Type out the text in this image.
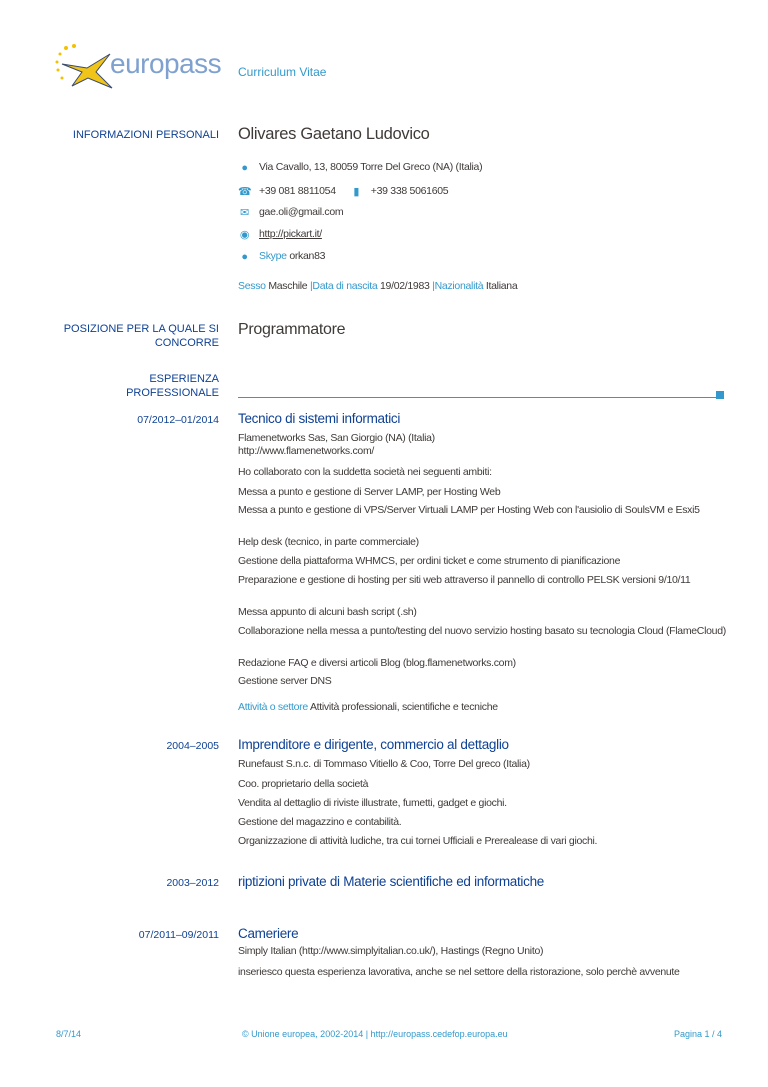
europass Curriculum Vitae
INFORMAZIONI PERSONALI Olivares Gaetano Ludovico
● Via Cavallo, 13, 80059 Torre Del Greco (NA) (Italia)
☎ +39 081 8811054 ▮ +39 338 5061605
✉ gae.oli@gmail.com
◉ http://pickart.it/
● Skype orkan83
Sesso Maschile |Data di nascita 19/02/1983 |Nazionalità Italiana
POSIZIONE PER LA QUALE SI CONCORRE
Programmatore
ESPERIENZA PROFESSIONALE
07/2012–01/2014 Tecnico di sistemi informatici
Flamenetworks Sas, San Giorgio (NA) (Italia)
http://www.flamenetworks.com/
Ho collaborato con la suddetta società nei seguenti ambiti:
Messa a punto e gestione di Server LAMP, per Hosting Web
Messa a punto e gestione di VPS/Server Virtuali LAMP per Hosting Web con l'ausiolio di SoulsVM e Esxi5
Help desk (tecnico, in parte commerciale)
Gestione della piattaforma WHMCS, per ordini ticket e come strumento di pianificazione
Preparazione e gestione di hosting per siti web attraverso il pannello di controllo PELSK versioni 9/10/11
Messa appunto di alcuni bash script (.sh)
Collaborazione nella messa a punto/testing del nuovo servizio hosting basato su tecnologia Cloud (FlameCloud)
Redazione FAQ e diversi articoli Blog (blog.flamenetworks.com)
Gestione server DNS
Attività o settore Attività professionali, scientifiche e tecniche
2004–2005 Imprenditore e dirigente, commercio al dettaglio
Runefaust S.n.c. di Tommaso Vitiello & Coo, Torre Del greco (Italia)
Coo. proprietario della società
Vendita al dettaglio di riviste illustrate, fumetti, gadget e giochi.
Gestione del magazzino e contabilità.
Organizzazione di attività ludiche, tra cui tornei Ufficiali e Prerealease di vari giochi.
2003–2012 riptizioni private di Materie scientifiche ed informatiche
07/2011–09/2011 Cameriere
Simply Italian (http://www.simplyitalian.co.uk/), Hastings (Regno Unito)
inseriesco questa esperienza lavorativa, anche se nel settore della ristorazione, solo perchè avvenute
8/7/14	© Unione europea, 2002-2014 | http://europass.cedefop.europa.eu	Pagina 1 / 4
